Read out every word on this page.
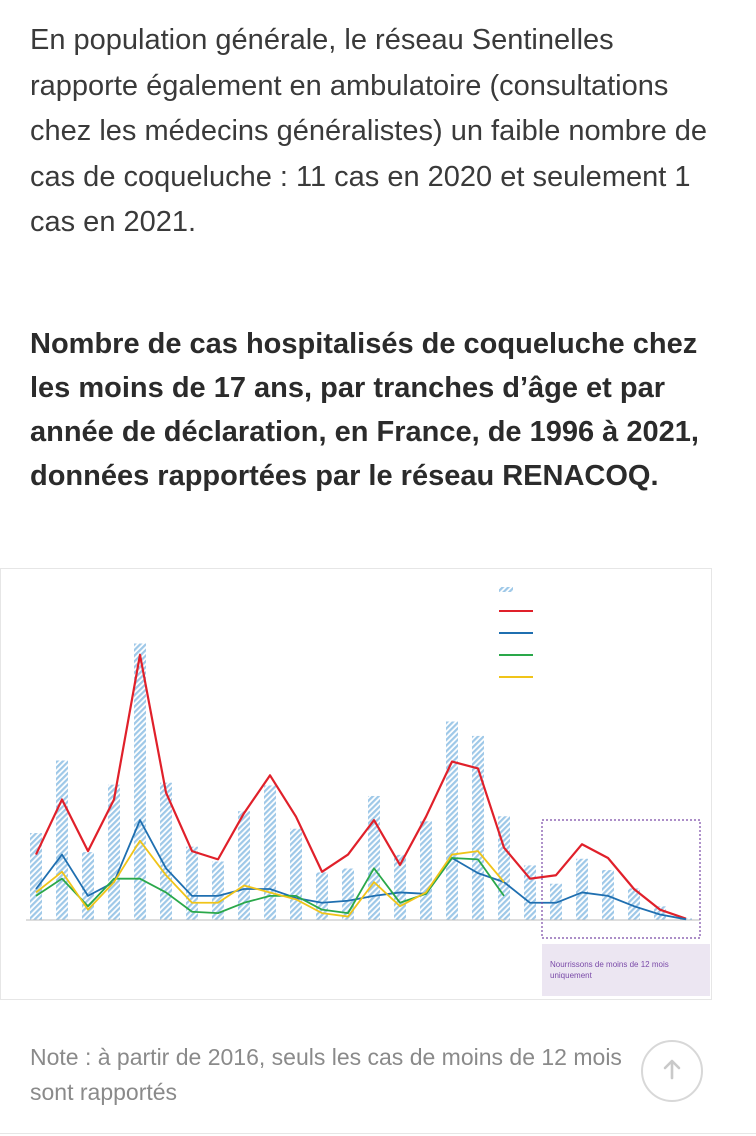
En population générale, le réseau Sentinelles rapporte également en ambulatoire (consultations chez les médecins généralistes) un faible nombre de cas de coqueluche : 11 cas en 2020 et seulement 1 cas en 2021.
Nombre de cas hospitalisés de coqueluche chez les moins de 17 ans, par tranches d’âge et par année de déclaration, en France, de 1996 à 2021, données rapportées par le réseau RENACOQ.
Nourrissons de moins de 12 mois
uniquement
Note : à partir de 2016, seuls les cas de moins de 12 mois sont rapportés
